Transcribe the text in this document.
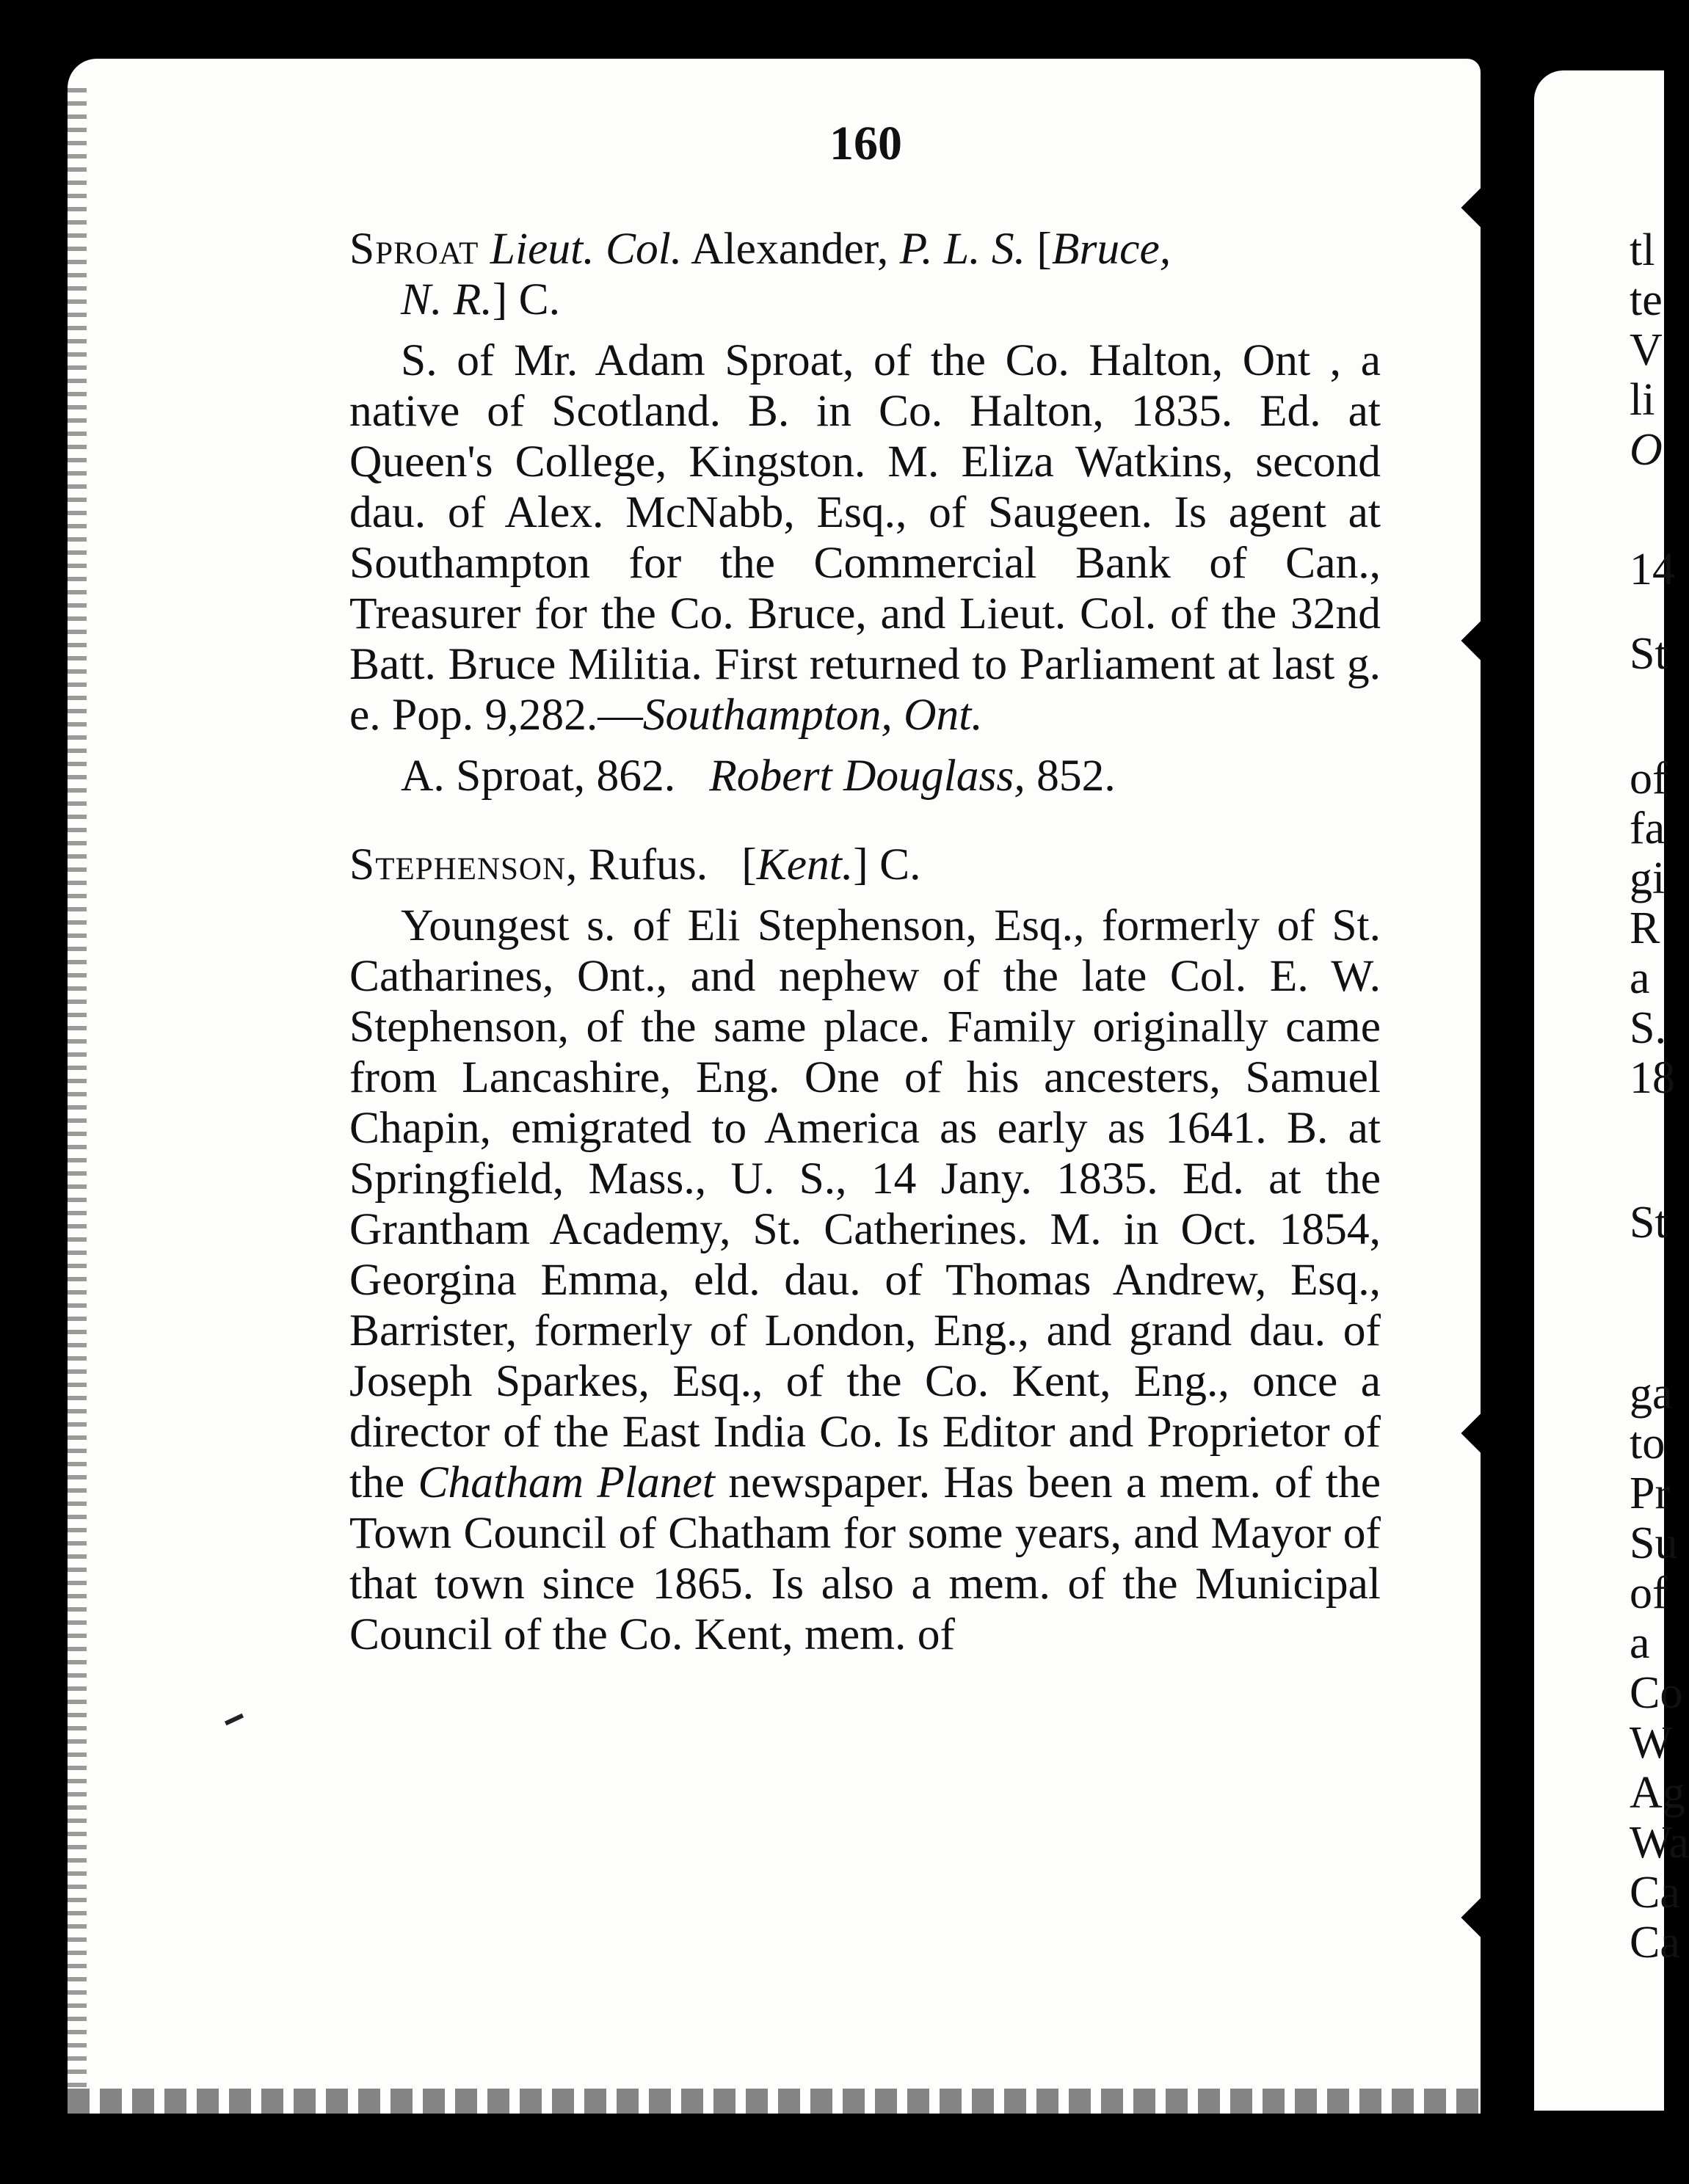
tl
te
V
li
O
14
St
of
fa
gi
R
a
S.
18
St
ga
to
Pr
Su
of
a
Co
W
Ag
Wa
Ca
Ca
160

Sproat Lieut. Col. Alexander, P. L. S. [Bruce,

N. R.] C.

S. of Mr. Adam Sproat, of the Co. Halton, Ont , a native of Scotland. B. in Co. Halton, 1835. Ed. at Queen's College, Kingston. M. Eliza Watkins, second dau. of Alex. McNabb, Esq., of Saugeen. Is agent at Southampton for the Commercial Bank of Can., Treasurer for the Co. Bruce, and Lieut. Col. of the 32nd Batt. Bruce Militia. First returned to Parliament at last g. e. Pop. 9,282.—Southampton, Ont.

A. Sproat, 862. Robert Douglass, 852.

Stephenson, Rufus.   [Kent.] C.

Youngest s. of Eli Stephenson, Esq., formerly of St. Catharines, Ont., and nephew of the late Col. E. W. Stephenson, of the same place. Family originally came from Lancashire, Eng. One of his ancesters, Samuel Chapin, emigrated to America as early as 1641. B. at Springfield, Mass., U. S., 14 Jany. 1835. Ed. at the Grantham Academy, St. Catherines. M. in Oct. 1854, Georgina Emma, eld. dau. of Thomas Andrew, Esq., Barrister, formerly of London, Eng., and grand dau. of Joseph Sparkes, Esq., of the Co. Kent, Eng., once a director of the East India Co. Is Editor and Proprietor of the Chatham Planet newspaper. Has been a mem. of the Town Council of Chatham for some years, and Mayor of that town since 1865. Is also a mem. of the Municipal Council of the Co. Kent, mem. of
